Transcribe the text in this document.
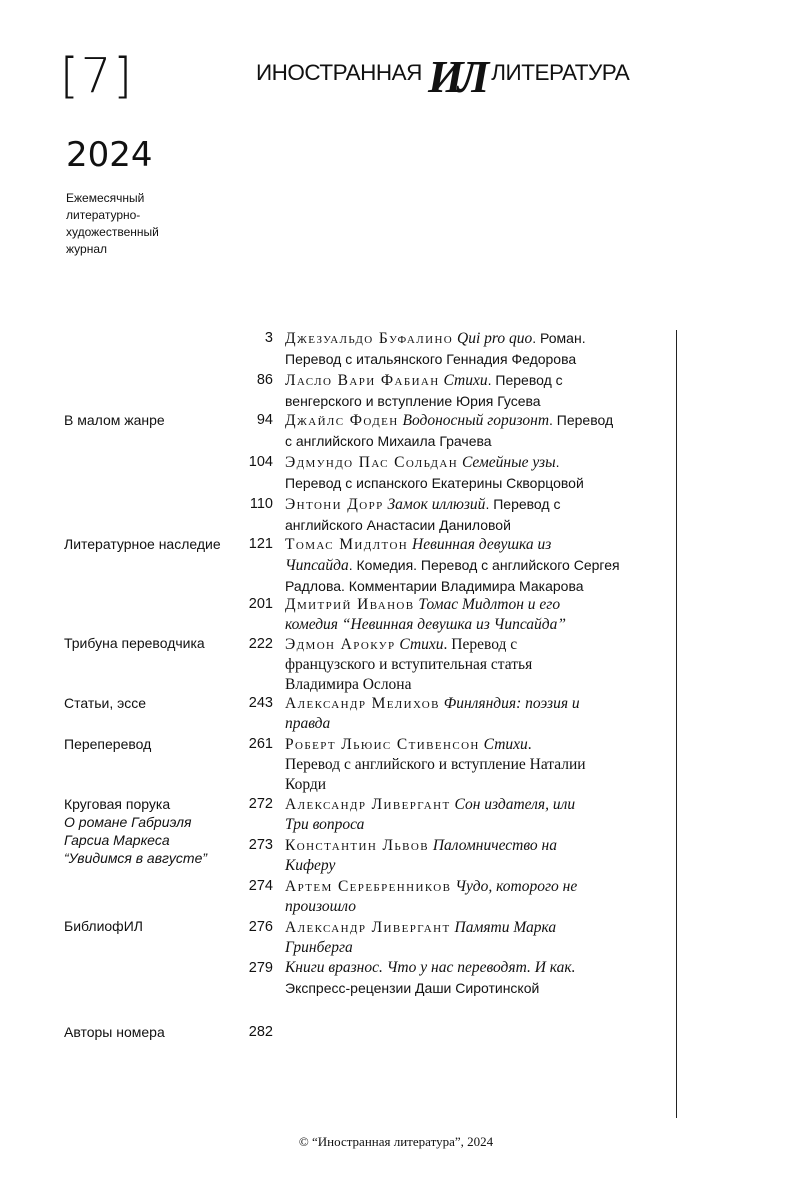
[7]
2024
Ежемесячный
литературно-
художественный
журнал
ИНОСТРАННАЯ ИЛ ЛИТЕРАТУРА
В малом жанре
Литературное наследие
Трибуна переводчика
Статьи, эссе
Переперевод
Круговая порука
О романе Габриэля
Гарсиа Маркеса
“Увидимся в августе”
БиблиофИЛ
Авторы номера
3 Джезуальдо Буфалино Qui pro quo. Роман.
Перевод с итальянского Геннадия Федорова
86 Ласло Вари Фабиан Стихи. Перевод с
венгерского и вступление Юрия Гусева
94 Джайлс Фоден Водоносный горизонт. Перевод
с английского Михаила Грачева
104 Эдмундо Пас Сольдан Семейные узы.
Перевод с испанского Екатерины Скворцовой
110 Энтони Дорр Замок иллюзий. Перевод с
английского Анастасии Даниловой
121 Томас Мидлтон Невинная девушка из
Чипсайда. Комедия. Перевод с английского Сергея
Радлова. Комментарии Владимира Макарова
201 Дмитрий Иванов Томас Мидлтон и его
комедия “Невинная девушка из Чипсайда”
222 Эдмон Арокур Стихи. Перевод с
французского и вступительная статья
Владимира Ослона
243 Александр Мелихов Финляндия: поэзия и
правда
261 Роберт Льюис Стивенсон Стихи.
Перевод с английского и вступление Наталии
Корди
272 Александр Ливергант Сон издателя, или
Три вопроса
273 Константин Львов Паломничество на
Киферу
274 Артем Серебренников Чудо, которого не
произошло
276 Александр Ливергант Памяти Марка
Гринберга
279 Книги вразнос. Что у нас переводят. И как.
Экспресс-рецензии Даши Сиротинской
282
© “Иностранная литература”, 2024
